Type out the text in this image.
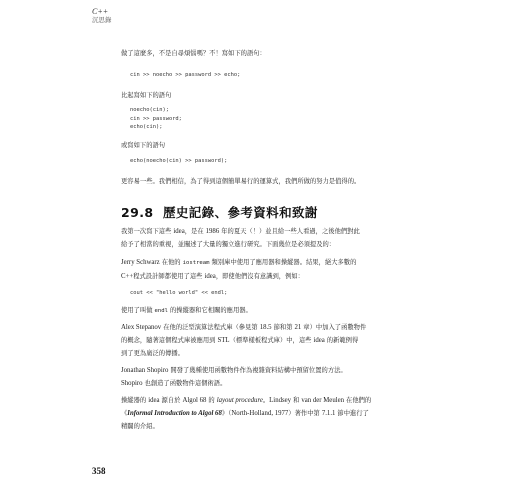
C++
沉思錄

做了這麼多，不是自尋煩惱嗎？不！寫如下的語句：

cin >> noecho >> password >> echo;

比起寫如下的語句

noecho(cin);
cin >> password;
echo(cin);

或寫如下的語句

echo(noecho(cin) >> password);

更容易一些。我們相信，為了得到這個簡單易行的運算式，我們所做的努力是值得的。

29.8 歷史記錄、參考資料和致謝

我第一次寫下這些 idea，是在 1986 年的夏天（！）並且給一些人看過，之後他們對此

給予了相當的重視，並闡述了大量的獨立進行研究。下面幾位是必須提及的：

Jerry Schwarz 在他的 iostream 類別庫中使用了應用器和操縱器。結果，絕大多數的

C++程式設計師都使用了這些 idea，即使他們沒有意識到，例如：

cout << "hello world" << endl;

使用了叫做 endl 的操縱器和它相關的應用器。

Alex Stepanov 在他的泛型演算法程式庫（參見第 18.5 節和第 21 章）中加入了函數物件

的概念，隨著這個程式庫被應用到 STL（標準樣板程式庫）中，這些 idea 的新範例得

到了更為廣泛的傳播。

Jonathan Shopiro 開發了幾種使用函數物件作為複雜資料結構中預留位置的方法。

Shopiro 也創造了函數物件這個術語。

操縱器的 idea 源自於 Algol 68 的 layout procedure。Lindsey 和 van der Meulen 在他們的

《Informal Introduction to Algol 68》（North-Holland, 1977）著作中第 7.1.1 節中進行了

精闢的介紹。

358
